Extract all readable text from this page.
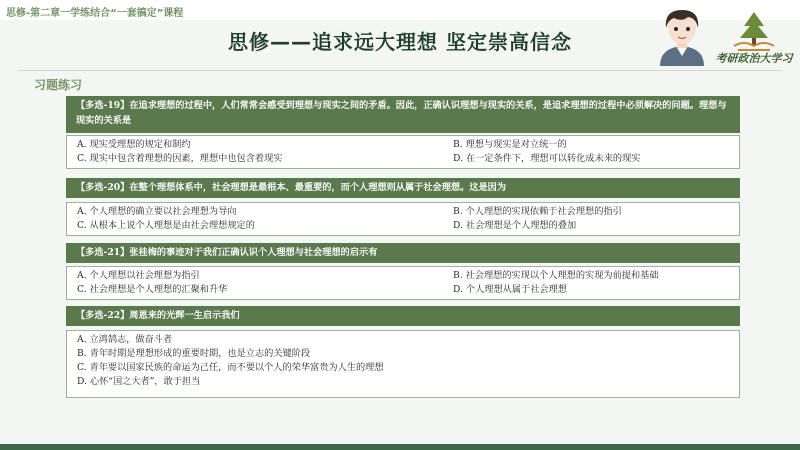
思修-第二章一学练结合“一套搞定”课程
思修——追求远大理想 坚定崇高信念
考研政治大学习
习题练习
【多选-19】在追求理想的过程中，人们常常会感受到理想与现实之间的矛盾。因此，正确认识理想与现实的关系，是追求理想的过程中必须解决的问题。理想与现实的关系是
A. 现实受理想的规定和制约	B. 理想与现实是对立统一的
C. 现实中包含着理想的因素，理想中也包含着现实	D. 在一定条件下，理想可以转化成未来的现实
【多选-20】在整个理想体系中，社会理想是最根本、最重要的，而个人理想则从属于社会理想。这是因为
A. 个人理想的确立要以社会理想为导向	B. 个人理想的实现依赖于社会理想的指引
C. 从根本上说个人理想是由社会理想规定的	D. 社会理想是个人理想的叠加
【多选-21】张桂梅的事迹对于我们正确认识个人理想与社会理想的启示有
A. 个人理想以社会理想为指引	B. 社会理想的实现以个人理想的实现为前提和基础
C. 社会理想是个人理想的汇聚和升华	D. 个人理想从属于社会理想
【多选-22】周恩来的光辉一生启示我们
A. 立鸿鹄志，做奋斗者
B. 青年时期是理想形成的重要时期，也是立志的关键阶段
C. 青年要以国家民族的命运为己任，而不要以个人的荣华富贵为人生的理想
D. 心怀“国之大者”，敢于担当
